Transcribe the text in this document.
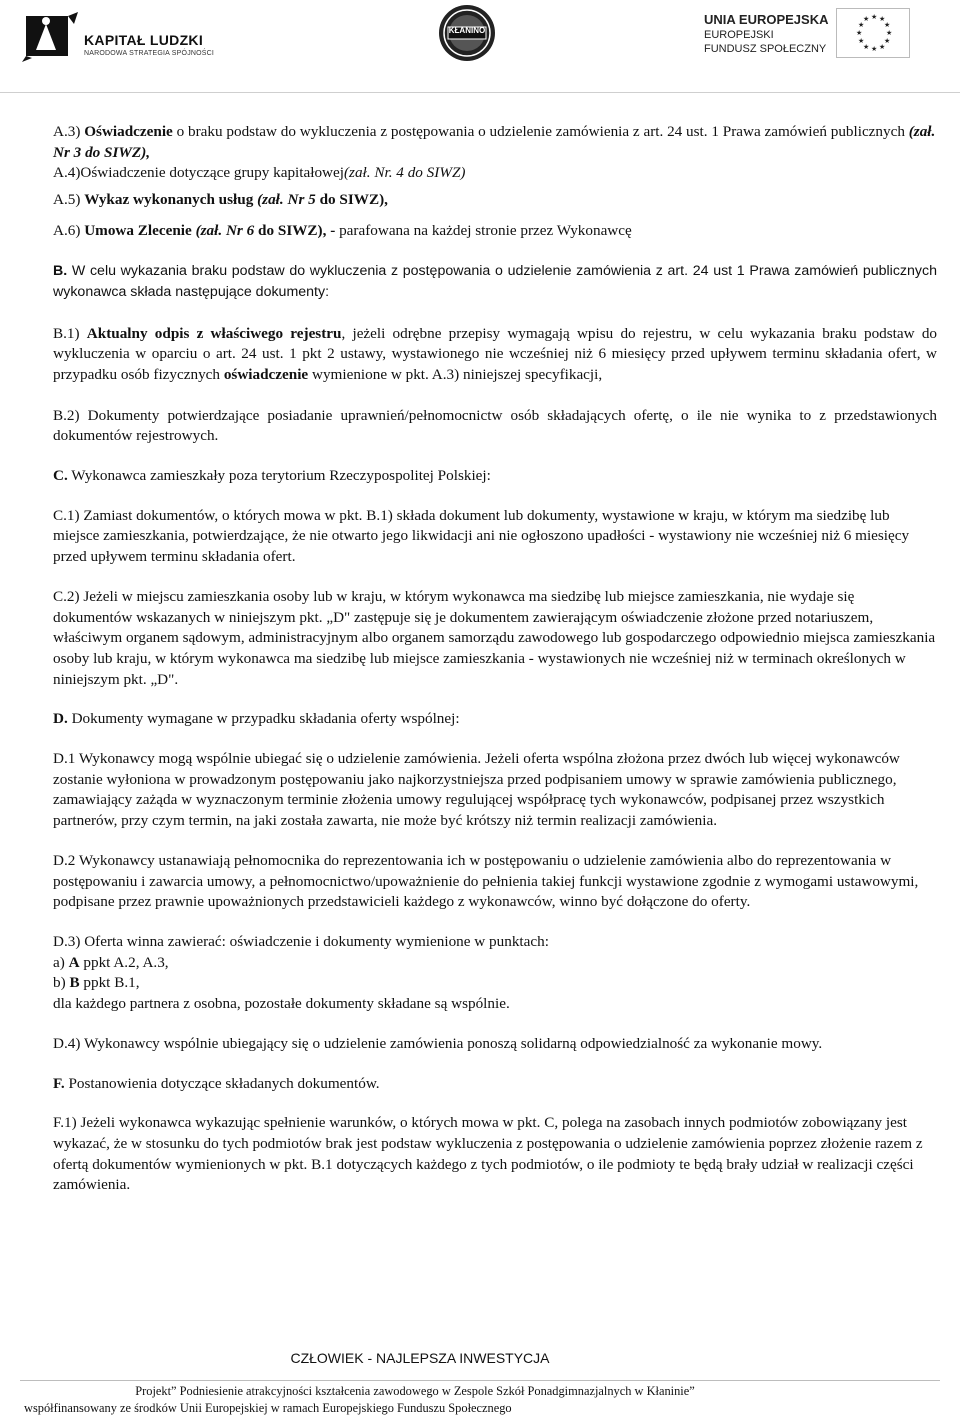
KAPITAŁ LUDZKI
NARODOWA STRATEGIA SPÓJNOŚCI
KŁANINO
UNIA EUROPEJSKA
EUROPEJSKI
FUNDUSZ SPOŁECZNY
★ ★
★
★
★
★
★
★
★
★
★
★

A.3) Oświadczenie o braku podstaw do wykluczenia z postępowania o udzielenie zamówienia z art. 24 ust. 1 Prawa zamówień publicznych (zał. Nr 3 do SIWZ),

A.4)Oświadczenie dotyczące grupy kapitałowej(zał. Nr. 4 do SIWZ)

A.5) Wykaz wykonanych usług (zał. Nr 5 do SIWZ),

A.6) Umowa Zlecenie (zał. Nr 6 do SIWZ), - parafowana na każdej stronie przez Wykonawcę

B. W celu wykazania braku podstaw do wykluczenia z postępowania o udzielenie zamówienia z art. 24 ust 1 Prawa zamówień publicznych wykonawca składa następujące dokumenty:

B.1) Aktualny odpis z właściwego rejestru, jeżeli odrębne przepisy wymagają wpisu do rejestru, w celu wykazania braku podstaw do wykluczenia w oparciu o art. 24 ust. 1 pkt 2 ustawy, wystawionego nie wcześniej niż 6 miesięcy przed upływem terminu składania ofert, w przypadku osób fizycznych oświadczenie wymienione w pkt. A.3) niniejszej specyfikacji,

B.2) Dokumenty potwierdzające posiadanie uprawnień/pełnomocnictw osób składających ofertę, o ile nie wynika to z przedstawionych dokumentów rejestrowych.

C. Wykonawca zamieszkały poza terytorium Rzeczypospolitej Polskiej:

C.1) Zamiast dokumentów, o których mowa w pkt. B.1) składa dokument lub dokumenty, wystawione w kraju, w którym ma siedzibę lub miejsce zamieszkania, potwierdzające, że nie otwarto jego likwidacji ani nie ogłoszono upadłości - wystawiony nie wcześniej niż 6 miesięcy przed upływem terminu składania ofert.

C.2) Jeżeli w miejscu zamieszkania osoby lub w kraju, w którym wykonawca ma siedzibę lub miejsce zamieszkania, nie wydaje się dokumentów wskazanych w niniejszym pkt. „D" zastępuje się je dokumentem zawierającym oświadczenie złożone przed notariuszem, właściwym organem sądowym, administracyjnym albo organem samorządu zawodowego lub gospodarczego odpowiednio miejsca zamieszkania osoby lub kraju, w którym wykonawca ma siedzibę lub miejsce zamieszkania - wystawionych nie wcześniej niż w terminach określonych w niniejszym pkt. „D".

D. Dokumenty wymagane w przypadku składania oferty wspólnej:

D.1 Wykonawcy mogą wspólnie ubiegać się o udzielenie zamówienia. Jeżeli oferta wspólna złożona przez dwóch lub więcej wykonawców zostanie wyłoniona w prowadzonym postępowaniu jako najkorzystniejsza przed podpisaniem umowy w sprawie zamówienia publicznego, zamawiający zażąda w wyznaczonym terminie złożenia umowy regulującej współpracę tych wykonawców, podpisanej przez wszystkich partnerów, przy czym termin, na jaki została zawarta, nie może być krótszy niż termin realizacji zamówienia.

D.2 Wykonawcy ustanawiają pełnomocnika do reprezentowania ich w postępowaniu o udzielenie zamówienia albo do reprezentowania w postępowaniu i zawarcia umowy, a pełnomocnictwo/upoważnienie do pełnienia takiej funkcji wystawione zgodnie z wymogami ustawowymi, podpisane przez prawnie upoważnionych przedstawicieli każdego z wykonawców, winno być dołączone do oferty.

D.3) Oferta winna zawierać: oświadczenie i dokumenty wymienione w punktach:
a) A ppkt A.2, A.3,
b) B ppkt B.1,
dla każdego partnera z osobna, pozostałe dokumenty składane są wspólnie.

D.4) Wykonawcy wspólnie ubiegający się o udzielenie zamówienia ponoszą solidarną odpowiedzialność za wykonanie mowy.

F. Postanowienia dotyczące składanych dokumentów.

F.1) Jeżeli wykonawca wykazując spełnienie warunków, o których mowa w pkt. C, polega na zasobach innych podmiotów zobowiązany jest wykazać, że w stosunku do tych podmiotów brak jest podstaw wykluczenia z postępowania o udzielenie zamówienia poprzez złożenie razem z ofertą dokumentów wymienionych w pkt. B.1 dotyczących każdego z tych podmiotów, o ile podmioty te będą brały udział w realizacji części zamówienia.

CZŁOWIEK - NAJLEPSZA INWESTYCJA
Projekt” Podniesienie atrakcyjności kształcenia zawodowego w Zespole Szkół Ponadgimnazjalnych w Kłaninie”
współfinansowany ze środków Unii Europejskiej w ramach Europejskiego Funduszu Społecznego
